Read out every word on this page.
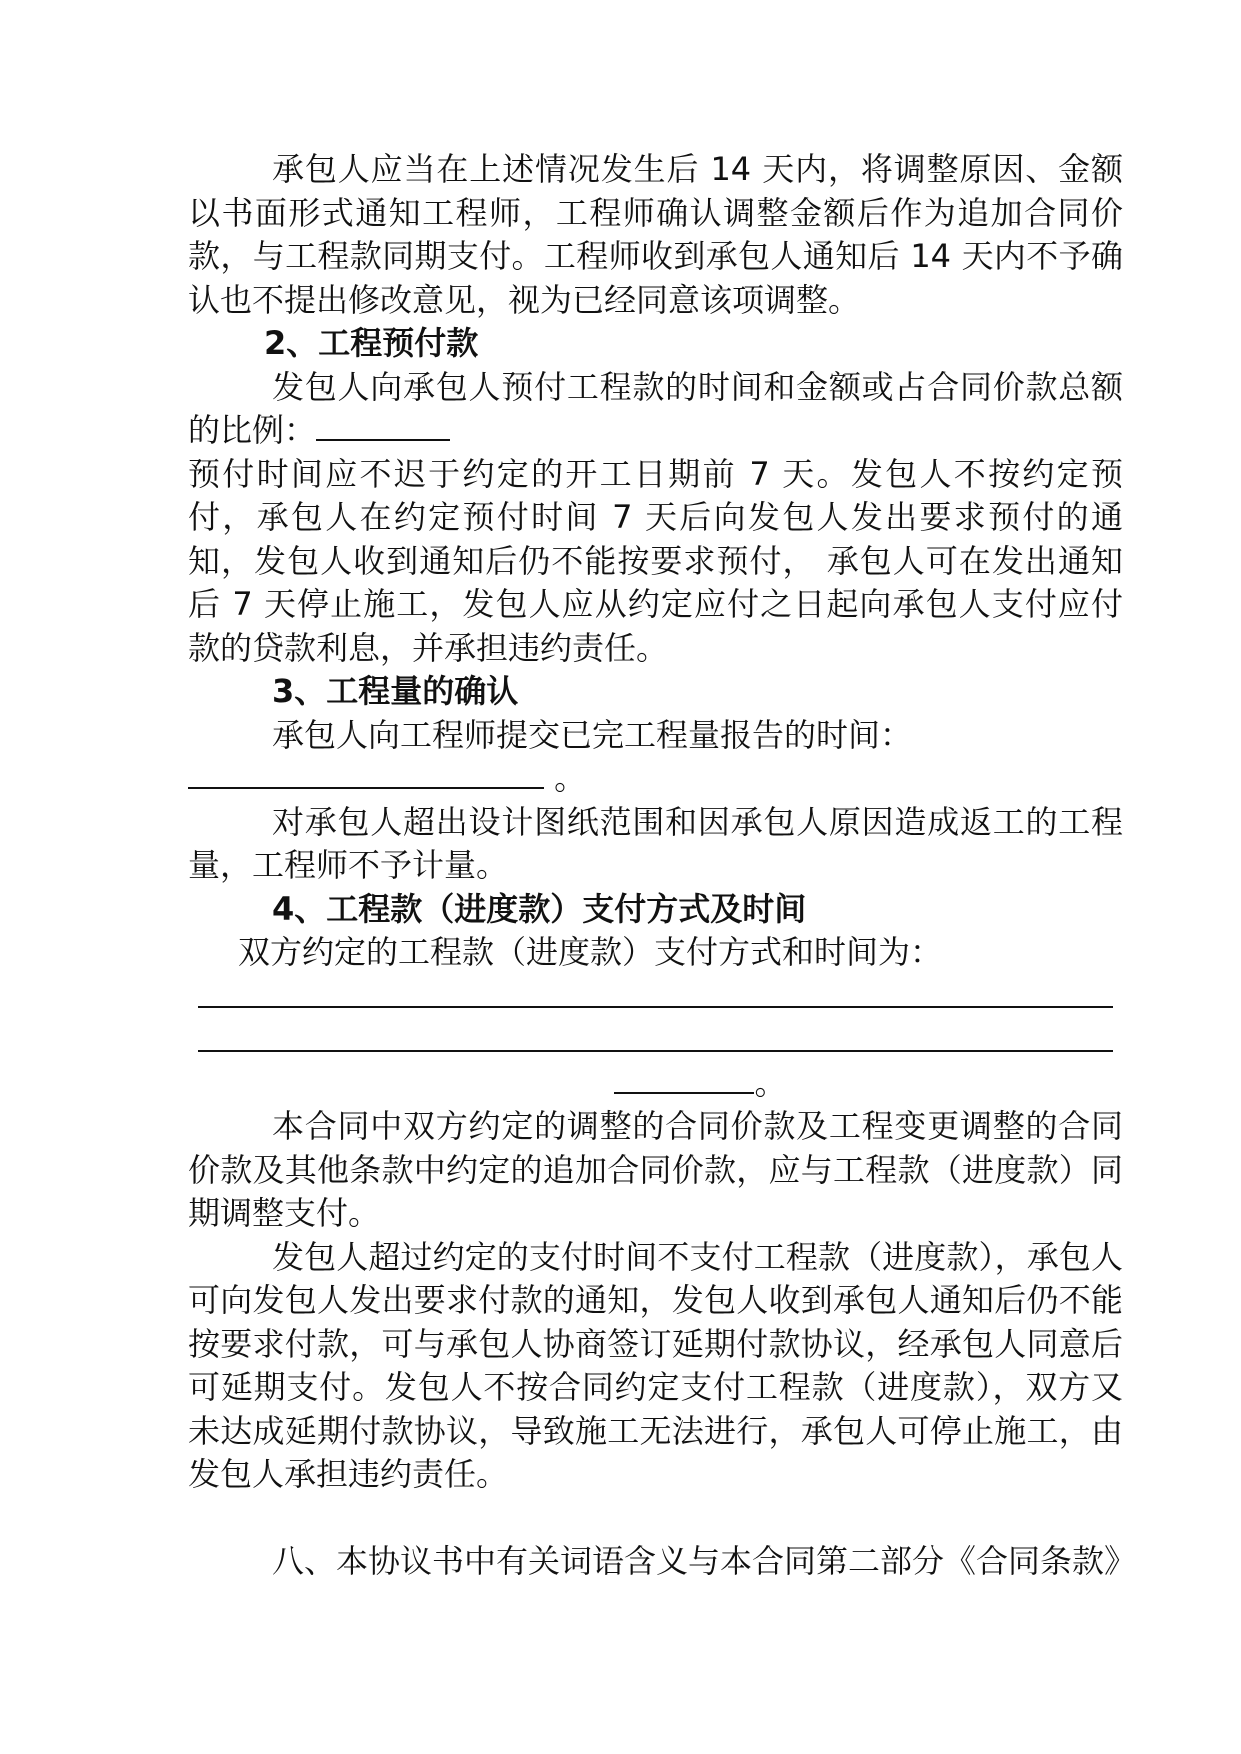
承包人应当在上述情况发生后 14 天内，将调整原因、金额以书面形式通知工程师，工程师确认调整金额后作为追加合同价款，与工程款同期支付。工程师收到承包人通知后 14 天内不予确认也不提出修改意见，视为已经同意该项调整。

2、工程预付款

发包人向承包人预付工程款的时间和金额或占合同价款总额的比例：

预付时间应不迟于约定的开工日期前 7 天。发包人不按约定预付，承包人在约定预付时间 7 天后向发包人发出要求预付的通知，发包人收到通知后仍不能按要求预付， 承包人可在发出通知后 7 天停止施工，发包人应从约定应付之日起向承包人支付应付款的贷款利息，并承担违约责任。

3、工程量的确认

承包人向工程师提交已完工程量报告的时间： 。

对承包人超出设计图纸范围和因承包人原因造成返工的工程量，工程师不予计量。

4、工程款（进度款）支付方式及时间

双方约定的工程款（进度款）支付方式和时间为：

。

本合同中双方约定的调整的合同价款及工程变更调整的合同价款及其他条款中约定的追加合同价款，应与工程款（进度款）同期调整支付。

发包人超过约定的支付时间不支付工程款（进度款），承包人可向发包人发出要求付款的通知，发包人收到承包人通知后仍不能按要求付款，可与承包人协商签订延期付款协议，经承包人同意后可延期支付。发包人不按合同约定支付工程款（进度款），双方又未达成延期付款协议，导致施工无法进行，承包人可停止施工，由发包人承担违约责任。

八、本协议书中有关词语含义与本合同第二部分《合同条款》
